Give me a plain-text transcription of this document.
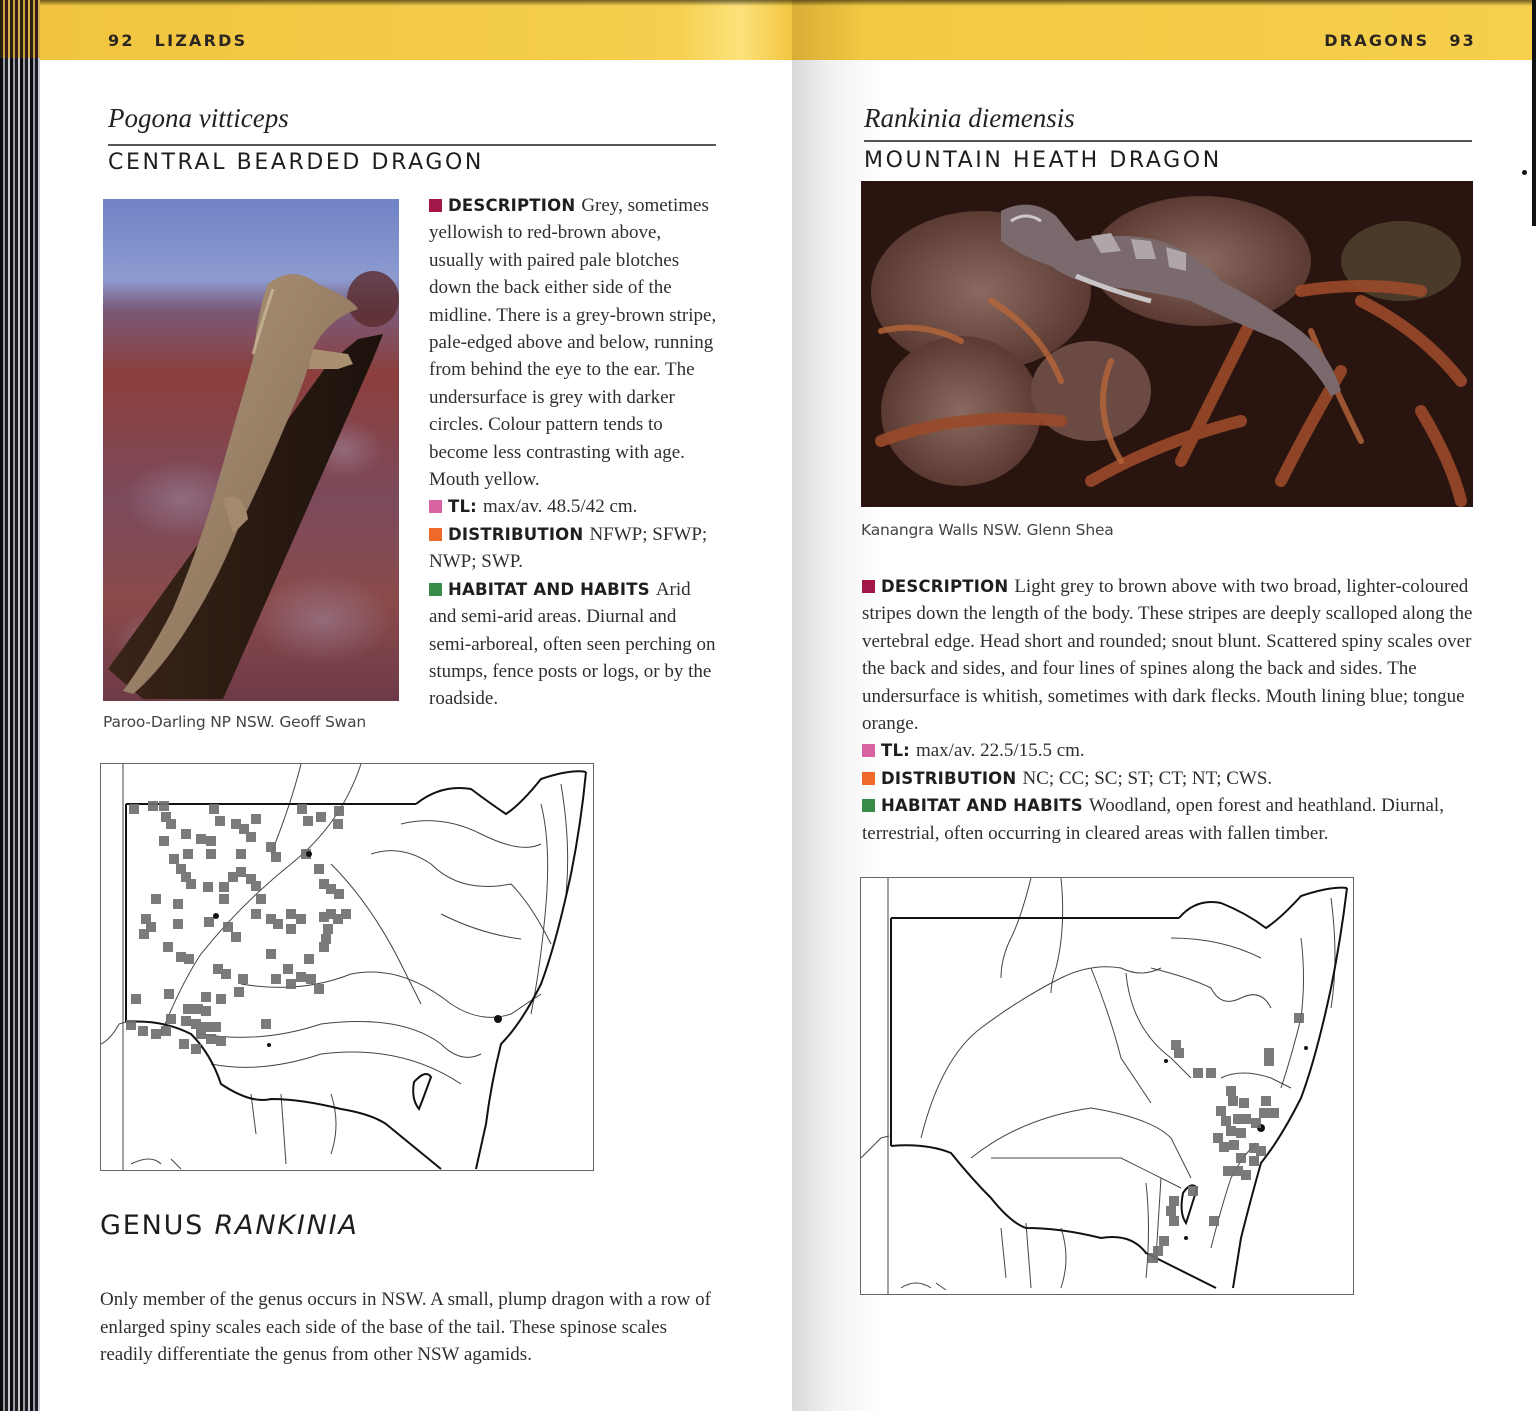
92 LIZARDS
Pogona vitticeps
CENTRAL BEARDED DRAGON
Paroo-Darling NP NSW. Geoff Swan

DESCRIPTION Grey, sometimes yellowish to red-brown above, usually with paired pale blotches down the back either side of the midline. There is a grey-brown stripe, pale-edged above and below, running from behind the eye to the ear. The undersurface is grey with darker circles. Colour pattern tends to become less contrasting with age. Mouth yellow.

TL: max/av. 48.5/42 cm.

DISTRIBUTION NFWP; SFWP; NWP; SWP.

HABITAT AND HABITS Arid and semi-arid areas. Diurnal and semi-arboreal, often seen perching on stumps, fence posts or logs, or by the roadside.

GENUS RANKINIA
Only member of the genus occurs in NSW. A small, plump dragon with a row of enlarged spiny scales each side of the base of the tail. These spinose scales readily differentiate the genus from other NSW agamids.
DRAGONS 93
Rankinia diemensis
MOUNTAIN HEATH DRAGON
Kanangra Walls NSW. Glenn Shea

DESCRIPTION Light grey to brown above with two broad, lighter-coloured stripes down the length of the body. These stripes are deeply scalloped along the vertebral edge. Head short and rounded; snout blunt. Scattered spiny scales over the back and sides, and four lines of spines along the back and sides. The undersurface is whitish, sometimes with dark flecks. Mouth lining blue; tongue orange.

TL: max/av. 22.5/15.5 cm.

DISTRIBUTION NC; CC; SC; ST; CT; NT; CWS.

HABITAT AND HABITS Woodland, open forest and heathland. Diurnal, terrestrial, often occurring in cleared areas with fallen timber.
